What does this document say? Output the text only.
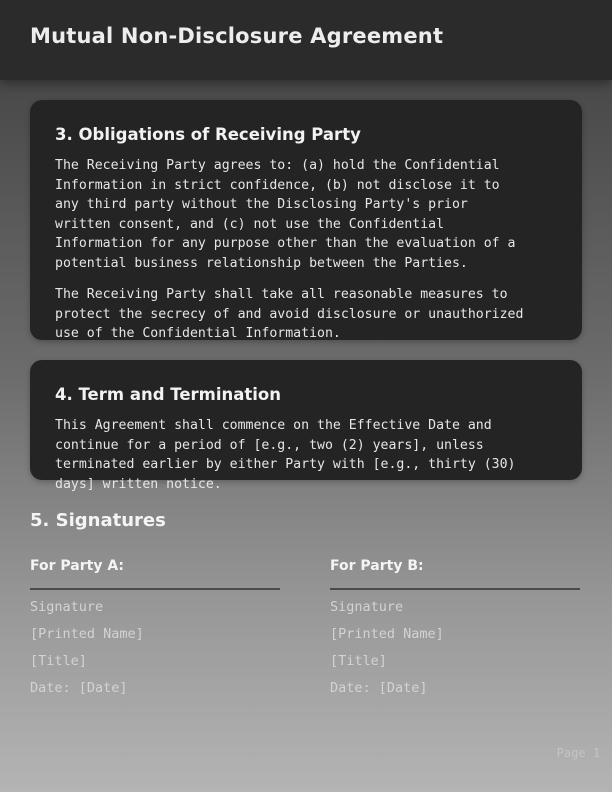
Mutual Non-Disclosure Agreement
3. Obligations of Receiving Party
The Receiving Party agrees to: (a) hold the Confidential
Information in strict confidence, (b) not disclose it to
any third party without the Disclosing Party's prior
written consent, and (c) not use the Confidential
Information for any purpose other than the evaluation of a
potential business relationship between the Parties.
The Receiving Party shall take all reasonable measures to
protect the secrecy of and avoid disclosure or unauthorized
use of the Confidential Information.
4. Term and Termination
This Agreement shall commence on the Effective Date and
continue for a period of [e.g., two (2) years], unless
terminated earlier by either Party with [e.g., thirty (30)
days] written notice.
5. Signatures
For Party A:
Signature
[Printed Name]
[Title]
Date: [Date]
For Party B:
Signature
[Printed Name]
[Title]
Date: [Date]
Page 1
